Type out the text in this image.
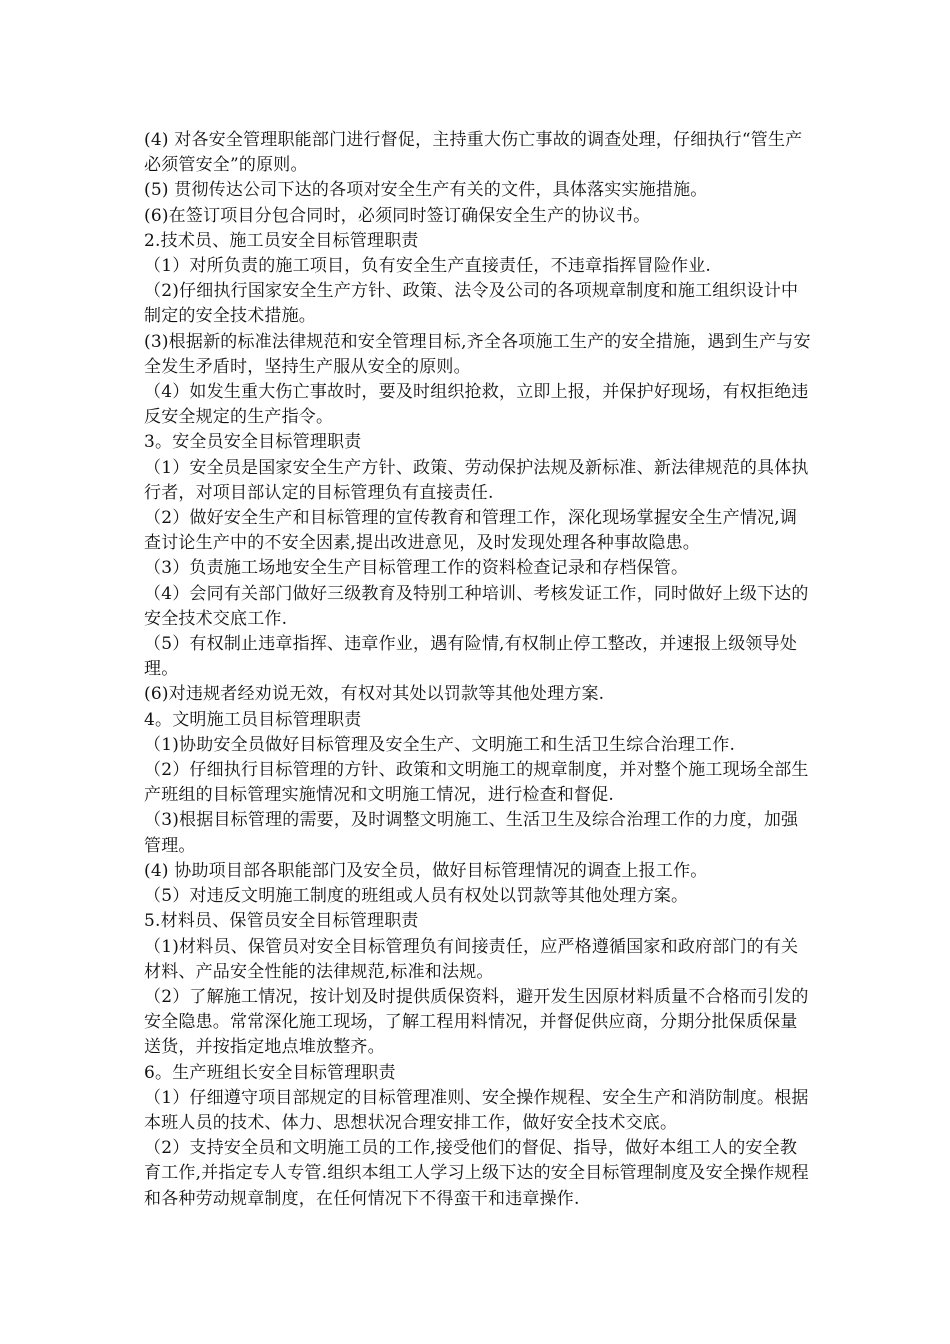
(4) 对各安全管理职能部门进行督促，主持重大伤亡事故的调查处理，仔细执行“管生产必须管安全”的原则。

(5) 贯彻传达公司下达的各项对安全生产有关的文件，具体落实实施措施。

(6)在签订项目分包合同时，必须同时签订确保安全生产的协议书。

2.技术员、施工员安全目标管理职责

（1）对所负责的施工项目，负有安全生产直接责任，不违章指挥冒险作业.

（2)仔细执行国家安全生产方针、政策、法令及公司的各项规章制度和施工组织设计中制定的安全技术措施。

(3)根据新的标准法律规范和安全管理目标,齐全各项施工生产的安全措施，遇到生产与安全发生矛盾时，坚持生产服从安全的原则。

（4）如发生重大伤亡事故时，要及时组织抢救，立即上报，并保护好现场，有权拒绝违反安全规定的生产指令。

3。安全员安全目标管理职责

（1）安全员是国家安全生产方针、政策、劳动保护法规及新标准、新法律规范的具体执行者，对项目部认定的目标管理负有直接责任.

（2）做好安全生产和目标管理的宣传教育和管理工作，深化现场掌握安全生产情况,调查讨论生产中的不安全因素,提出改进意见，及时发现处理各种事故隐患。

（3）负责施工场地安全生产目标管理工作的资料检查记录和存档保管。

（4）会同有关部门做好三级教育及特别工种培训、考核发证工作，同时做好上级下达的安全技术交底工作.

（5）有权制止违章指挥、违章作业，遇有险情,有权制止停工整改，并速报上级领导处理。

(6)对违规者经劝说无效，有权对其处以罚款等其他处理方案.

4。文明施工员目标管理职责

（1)协助安全员做好目标管理及安全生产、文明施工和生活卫生综合治理工作.

（2）仔细执行目标管理的方针、政策和文明施工的规章制度，并对整个施工现场全部生产班组的目标管理实施情况和文明施工情况，进行检查和督促.

（3)根据目标管理的需要，及时调整文明施工、生活卫生及综合治理工作的力度，加强管理。

(4) 协助项目部各职能部门及安全员，做好目标管理情况的调查上报工作。

（5）对违反文明施工制度的班组或人员有权处以罚款等其他处理方案。

5.材料员、保管员安全目标管理职责

（1)材料员、保管员对安全目标管理负有间接责任，应严格遵循国家和政府部门的有关材料、产品安全性能的法律规范,标准和法规。

（2）了解施工情况，按计划及时提供质保资料，避开发生因原材料质量不合格而引发的安全隐患。常常深化施工现场，了解工程用料情况，并督促供应商，分期分批保质保量送货，并按指定地点堆放整齐。

6。生产班组长安全目标管理职责

（1）仔细遵守项目部规定的目标管理准则、安全操作规程、安全生产和消防制度。根据本班人员的技术、体力、思想状况合理安排工作，做好安全技术交底。

（2）支持安全员和文明施工员的工作,接受他们的督促、指导，做好本组工人的安全教育工作,并指定专人专管.组织本组工人学习上级下达的安全目标管理制度及安全操作规程和各种劳动规章制度，在任何情况下不得蛮干和违章操作.
